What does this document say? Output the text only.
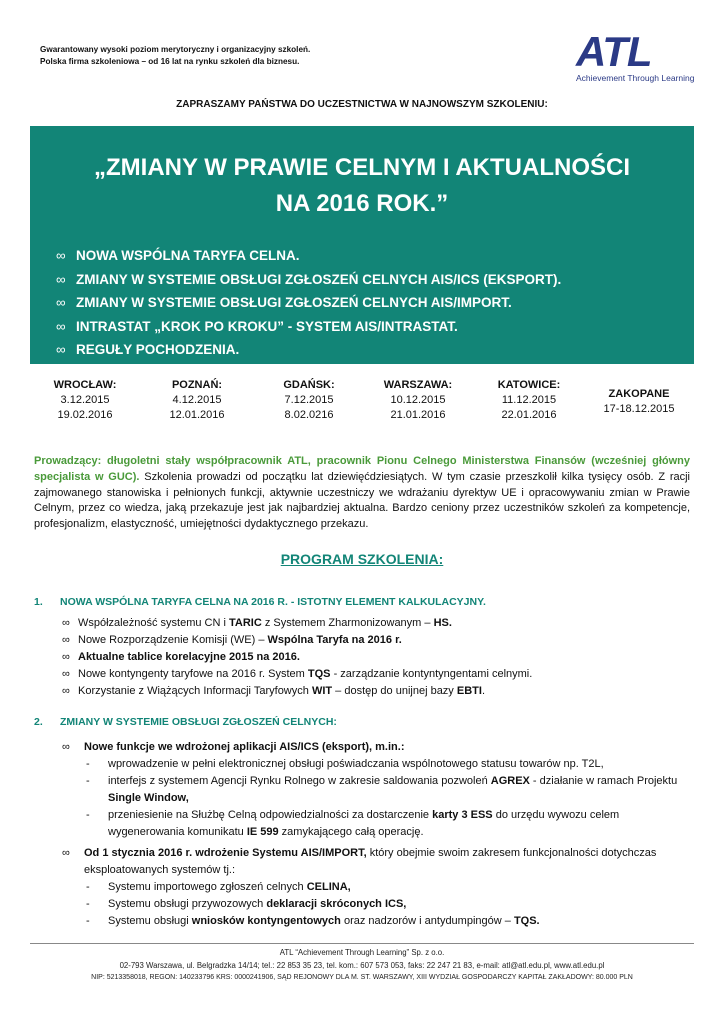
Gwarantowany wysoki poziom merytoryczny i organizacyjny szkoleń.
Polska firma szkoleniowa – od 16 lat na rynku szkoleń dla biznesu.	ATL
Achievement Through Learning
ZAPRASZAMY PAŃSTWA DO UCZESTNICTWA W NAJNOWSZYM SZKOLENIU:
„ZMIANY W PRAWIE CELNYM I AKTUALNOŚCI
NA 2016 ROK.”
∞ NOWA WSPÓLNA TARYFA CELNA.
∞ ZMIANY W SYSTEMIE OBSŁUGI ZGŁOSZEŃ CELNYCH AIS/ICS (EKSPORT).
∞ ZMIANY W SYSTEMIE OBSŁUGI ZGŁOSZEŃ CELNYCH AIS/IMPORT.
∞ INTRASTAT „KROK PO KROKU” - SYSTEM AIS/INTRASTAT.
∞ REGUŁY POCHODZENIA.
WROCŁAW:
3.12.2015
19.02.2016
POZNAŃ:
4.12.2015
12.01.2016
GDAŃSK:
7.12.2015
8.02.0216
WARSZAWA:
10.12.2015
21.01.2016
KATOWICE:
11.12.2015
22.01.2016
ZAKOPANE
17-18.12.2015
Prowadzący: długoletni stały współpracownik ATL, pracownik Pionu Celnego Ministerstwa Finansów (wcześniej główny specjalista w GUC). Szkolenia prowadzi od początku lat dziewięćdziesiątych. W tym czasie przeszkolił kilka tysięcy osób. Z racji zajmowanego stanowiska i pełnionych funkcji, aktywnie uczestniczy we wdrażaniu dyrektyw UE i opracowywaniu zmian w Prawie Celnym, przez co wiedza, jaką przekazuje jest jak najbardziej aktualna. Bardzo ceniony przez uczestników szkoleń za kompetencje, profesjonalizm, elastyczność, umiejętności dydaktycznego przekazu.
PROGRAM SZKOLENIA:
1. NOWA WSPÓLNA TARYFA CELNA NA 2016 R. - ISTOTNY ELEMENT KALKULACYJNY.
∞ Współzależność systemu CN i TARIC z Systemem Zharmonizowanym – HS.
∞ Nowe Rozporządzenie Komisji (WE) – Wspólna Taryfa na 2016 r.
∞ Aktualne tablice korelacyjne 2015 na 2016.
∞ Nowe kontyngenty taryfowe na 2016 r. System TQS - zarządzanie kontyntyngentami celnymi.
∞ Korzystanie z Wiążących Informacji Taryfowych WIT – dostęp do unijnej bazy EBTI.
2. ZMIANY W SYSTEMIE OBSŁUGI ZGŁOSZEŃ CELNYCH:
∞ Nowe funkcje we wdrożonej aplikacji AIS/ICS (eksport), m.in.:
- wprowadzenie w pełni elektronicznej obsługi poświadczania wspólnotowego statusu towarów np. T2L,
- interfejs z systemem Agencji Rynku Rolnego w zakresie saldowania pozwoleń AGREX - działanie w ramach Projektu Single Window,
- przeniesienie na Służbę Celną odpowiedzialności za dostarczenie karty 3 ESS do urzędu wywozu celem wygenerowania komunikatu IE 599 zamykającego całą operację.
∞ Od 1 stycznia 2016 r. wdrożenie Systemu AIS/IMPORT, który obejmie swoim zakresem funkcjonalności dotychczas eksploatowanych systemów tj.:
- Systemu importowego zgłoszeń celnych CELINA,
- Systemu obsługi przywozowych deklaracji skróconych ICS,
- Systemu obsługi wniosków kontyngentowych oraz nadzorów i antydumpingów – TQS.
ATL “Achievement Through Learning” Sp. z o.o.
02-793 Warszawa, ul. Belgradzka 14/14; tel.: 22 853 35 23, tel. kom.: 607 573 053, faks: 22 247 21 83, e-mail: atl@atl.edu.pl, www.atl.edu.pl
NIP: 5213358018, REGON: 140233796 KRS: 0000241906, SĄD REJONOWY DLA M. ST. WARSZAWY, XIII WYDZIAŁ GOSPODARCZY KAPITAŁ ZAKŁADOWY: 80.000 PLN
